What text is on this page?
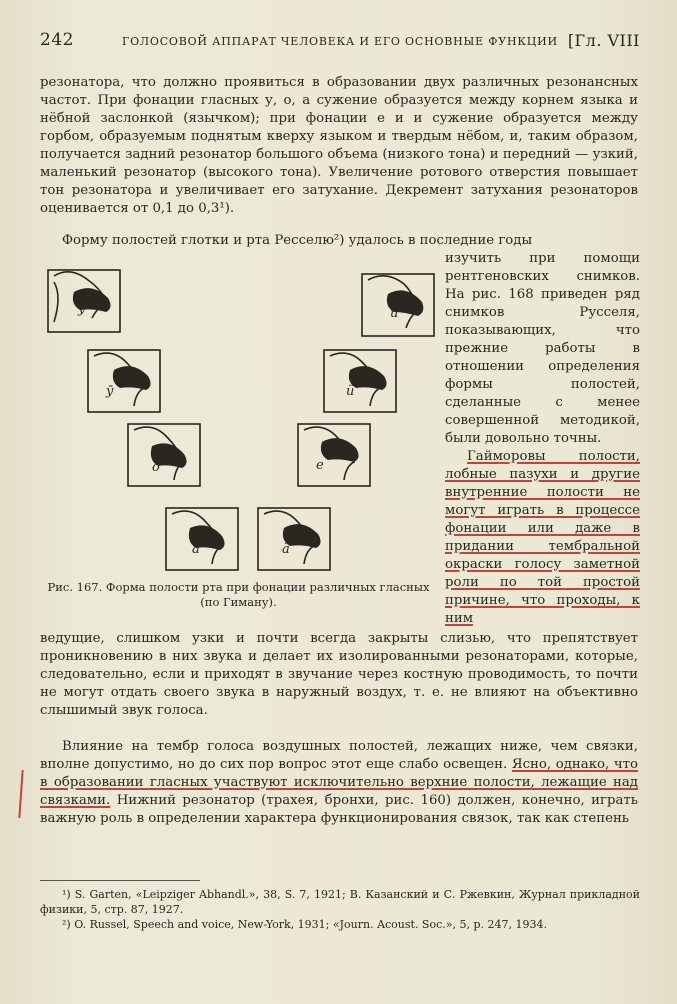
242	ГОЛОСОВОЙ АППАРАТ ЧЕЛОВЕКА И ЕГО ОСНОВНЫЕ ФУНКЦИИ [Гл. VIII

резонатора, что должно проявиться в образовании двух различных резонансных частот. При фонации гласных у, о, а сужение образуется между корнем языка и нёбной заслонкой (язычком); при фонации е и и сужение образуется между горбом, образуемым поднятым кверху языком и твердым нёбом, и, таким образом, получается задний резонатор большого объема (низкого тона) и передний — узкий, маленький резонатор (высокого тона). Увеличение ротового отверстия повышает тон резонатора и увеличивает его затухание. Декремент затухания резонаторов оценивается от 0,1 до 0,3¹).

Форму полостей глотки и рта Ресселю²) удалось в последние годы

изучить при помощи рентгеновских снимков. На рис. 168 приведен ряд снимков Русселя, показывающих, что прежние работы в отношении определения формы полостей, сделанные с менее совершенной методикой, были довольно точны.

Гайморовы полости, лобные пазухи и другие внутренние полости не могут играть в процессе фонации или даже в придании тембральной окраски голосу заметной роли по той простой причине, что проходы, к ним

у	и
ӯ	ӥ
о	е
а	ӓ
Рис. 167. Форма полости рта при фонации различных гласных (по Гиману).

ведущие, слишком узки и почти всегда закрыты слизью, что препятствует проникновению в них звука и делает их изолированными резонаторами, которые, следовательно, если и приходят в звучание через костную проводимость, то почти не могут отдать своего звука в наружный воздух, т. е. не влияют на объективно слышимый звук голоса.

Влияние на тембр голоса воздушных полостей, лежащих ниже, чем связки, вполне допустимо, но до сих пор вопрос этот еще слабо освещен. Ясно, однако, что в образовании гласных участвуют исключительно верхние полости, лежащие над связками. Нижний резонатор (трахея, бронхи, рис. 160) должен, конечно, играть важную роль в определении характера функционирования связок, так как степень

¹) S. Garten, «Leipziger Abhandl.», 38, S. 7, 1921; В. Казанский и С. Ржевкин, Журнал прикладной физики, 5, стр. 87, 1927.

²) O. Russel, Speech and voice, New-York, 1931; «Journ. Acoust. Soc.», 5, p. 247, 1934.
